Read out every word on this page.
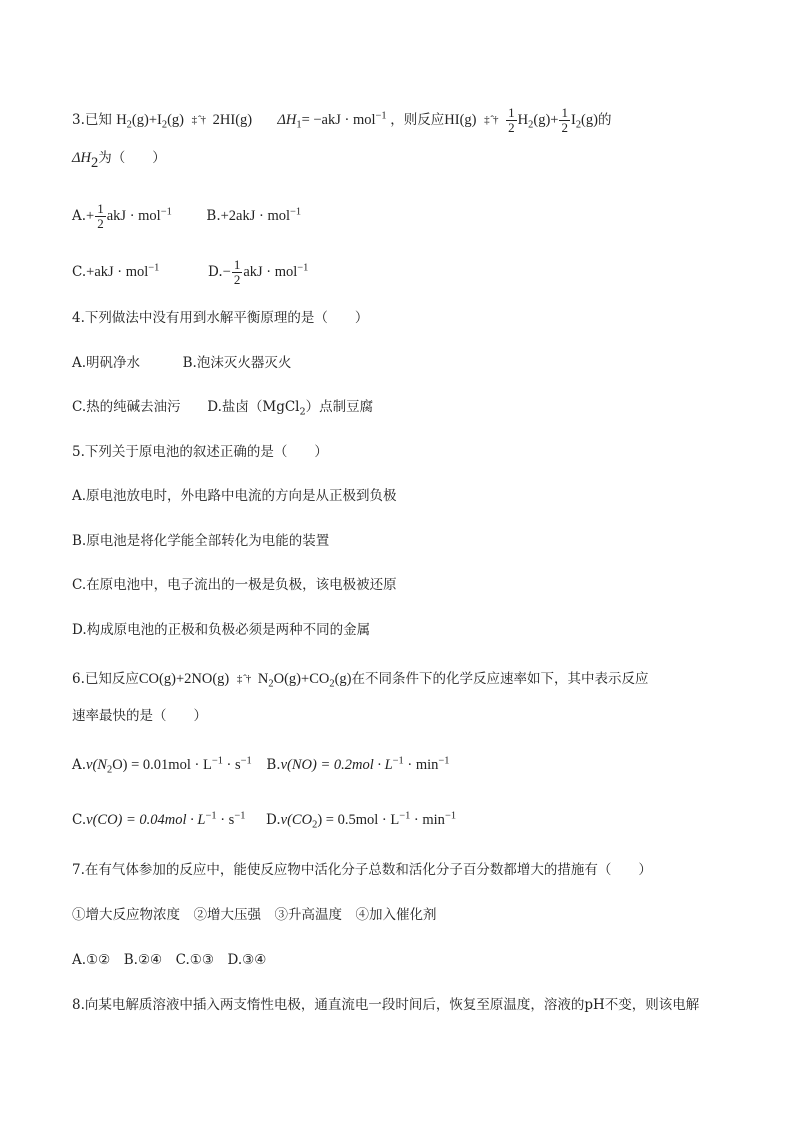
3.已知 $H_2(g)+I_2(g)$ ‡ ˆ† 2HI(g) $\Delta H_1= -akJ \cdot mol^{-1}$ ，则反应HI(g) ‡ ˆ† $\frac{1}{2} H_2(g)+ \frac{1}{2} I_2(g)$的
$\Delta H_2$为（　　）
$A.+ \frac{1}{2}$ akJ · mol$^{-1}$	B.+2akJ · mol$^{-1}$
C.+akJ · mol$^{-1}$	$D.- \frac{1}{2}$ akJ · mol$^{-1}$
4.下列做法中没有用到水解平衡原理的是（　　）
A.明矾净水	B.泡沫灭火器灭火
C.热的纯碱去油污 D.盐卤（MgCl$_2$）点制豆腐
5.下列关于原电池的叙述正确的是（　　）
A.原电池放电时，外电路中电流的方向是从正极到负极
B.原电池是将化学能全部转化为电能的装置
C.在原电池中，电子流出的一极是负极，该电极被还原
D.构成原电池的正极和负极必须是两种不同的金属
6.已知反应CO(g)+2NO(g) ‡ ˆ† $N_2O(g)+CO_2(g)$在不同条件下的化学反应速率如下，其中表示反应
速率最快的是（　　）
$A.v(N_2O) = 0.01mol \cdot L^{-1} \cdot s^{-1}$ $B.v(NO) = 0.2mol \cdot L^{-1} \cdot \min^{-1}$
$C.v(CO) = 0.04mol \cdot L^{-1} \cdot s^{-1}$ $D.v(CO_2) = 0.5mol \cdot L^{-1} \cdot \min^{-1}$
7.在有气体参加的反应中，能使反应物中活化分子总数和活化分子百分数都增大的措施有（　　）
①增大反应物浓度　②增大压强　③升高温度　④加入催化剂
A.①②　B.②④　C.①③　D.③④
8.向某电解质溶液中插入两支惰性电极，通直流电一段时间后，恢复至原温度，溶液的pH不变，则该电解
